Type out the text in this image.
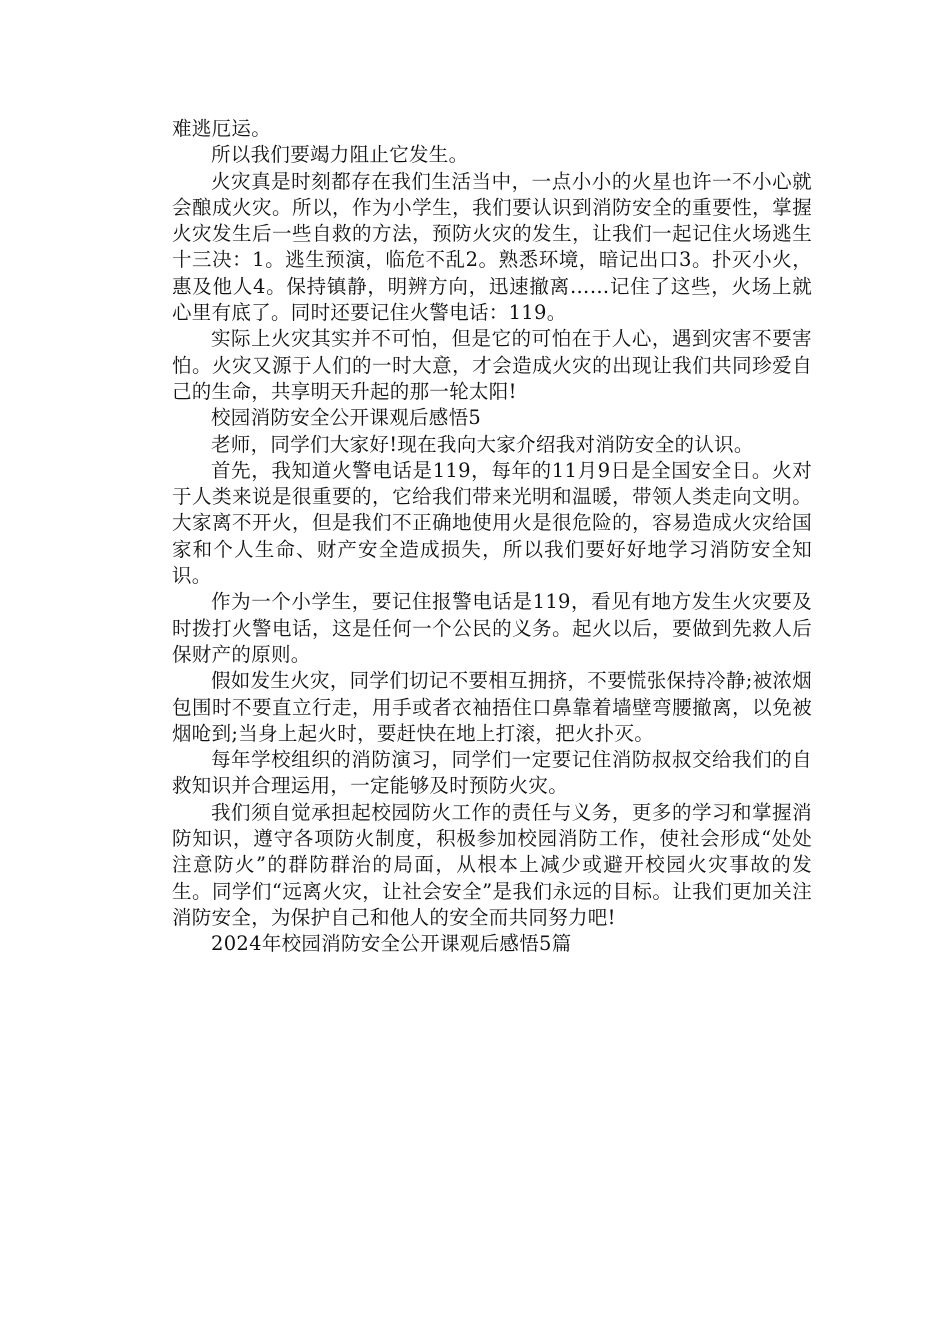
难逃厄运。

所以我们要竭力阻止它发生。

火灾真是时刻都存在我们生活当中，一点小小的火星也许一不小心就会酿成火灾。所以，作为小学生，我们要认识到消防安全的重要性，掌握火灾发生后一些自救的方法，预防火灾的发生，让我们一起记住火场逃生十三决：1。逃生预演，临危不乱2。熟悉环境，暗记出口3。扑灭小火，惠及他人4。保持镇静，明辨方向，迅速撤离……记住了这些，火场上就心里有底了。同时还要记住火警电话：119。

实际上火灾其实并不可怕，但是它的可怕在于人心，遇到灾害不要害怕。火灾又源于人们的一时大意，才会造成火灾的出现让我们共同珍爱自己的生命，共享明天升起的那一轮太阳!

校园消防安全公开课观后感悟5

老师，同学们大家好!现在我向大家介绍我对消防安全的认识。

首先，我知道火警电话是119，每年的11月9日是全国安全日。火对于人类来说是很重要的，它给我们带来光明和温暖，带领人类走向文明。大家离不开火，但是我们不正确地使用火是很危险的，容易造成火灾给国家和个人生命、财产安全造成损失，所以我们要好好地学习消防安全知识。

作为一个小学生，要记住报警电话是119，看见有地方发生火灾要及时拨打火警电话，这是任何一个公民的义务。起火以后，要做到先救人后保财产的原则。

假如发生火灾，同学们切记不要相互拥挤，不要慌张保持冷静;被浓烟包围时不要直立行走，用手或者衣袖捂住口鼻靠着墙壁弯腰撤离，以免被烟呛到;当身上起火时，要赶快在地上打滚，把火扑灭。

每年学校组织的消防演习，同学们一定要记住消防叔叔交给我们的自救知识并合理运用，一定能够及时预防火灾。

我们须自觉承担起校园防火工作的责任与义务，更多的学习和掌握消防知识，遵守各项防火制度，积极参加校园消防工作，使社会形成“处处注意防火”的群防群治的局面，从根本上减少或避开校园火灾事故的发生。同学们“远离火灾，让社会安全”是我们永远的目标。让我们更加关注消防安全，为保护自己和他人的安全而共同努力吧!

2024年校园消防安全公开课观后感悟5篇
